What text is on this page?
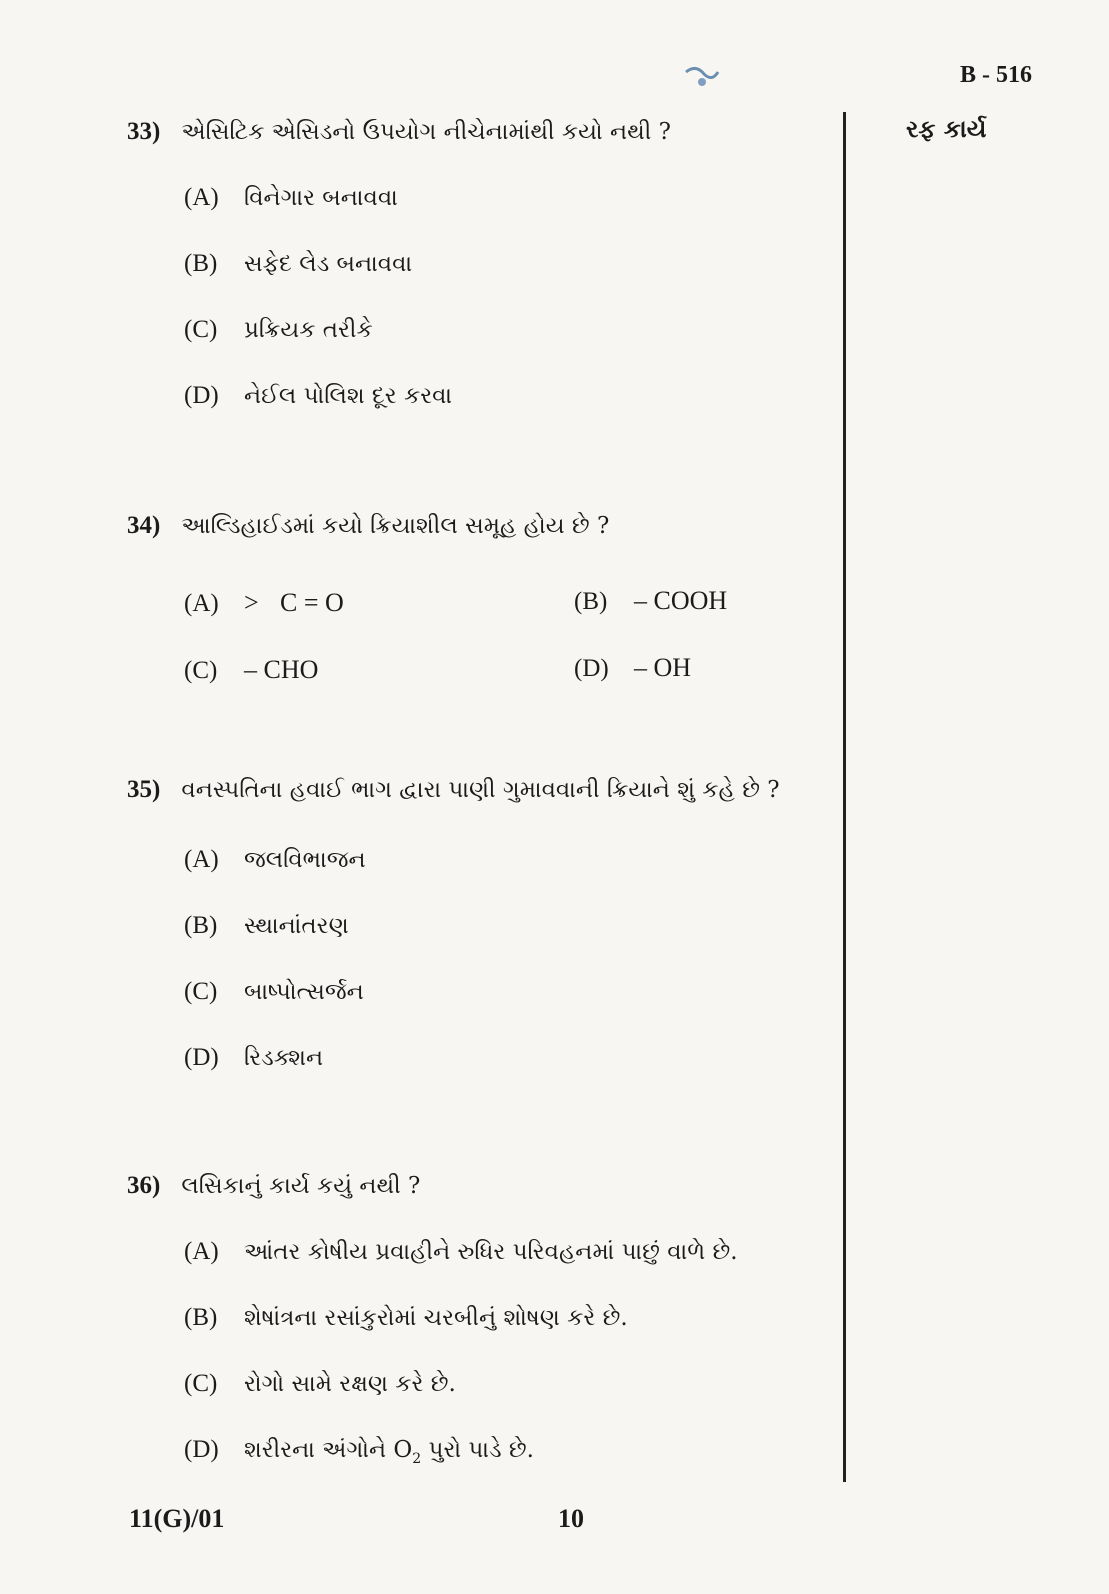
B - 516
રફ કાર્ય
33) એસિટિક એસિડનો ઉપયોગ નીચેનામાંથી કયો નથી ?
(A) વિનેગાર બનાવવા
(B) સફેદ લેડ બનાવવા
(C) પ્રક્રિયક તરીકે
(D) નેઈલ પોલિશ દૂર કરવા
34) આલ્ડિહાઈડમાં કયો ક્રિયાશીલ સમૂહ હોય છે ?
(A) > C = O	(B) – COOH
(C) – CHO	(D) – OH
35) વનસ્પતિના હવાઈ ભાગ દ્વારા પાણી ગુમાવવાની ક્રિયાને શું કહે છે ?
(A) જલવિભાજન
(B) સ્થાનાંતરણ
(C) બાષ્પોત્સર્જન
(D) રિડક્શન
36) લસિકાનું કાર્ય કયું નથી ?
(A) આંતર કોષીય પ્રવાહીને રુધિર પરિવહનમાં પાછું વાળે છે.
(B) શેષાંત્રના રસાંકુરોમાં ચરબીનું શોષણ કરે છે.
(C) રોગો સામે રક્ષણ કરે છે.
(D) શરીરના અંગોને $O_2$ પુરો પાડે છે.
11(G)/01	10
